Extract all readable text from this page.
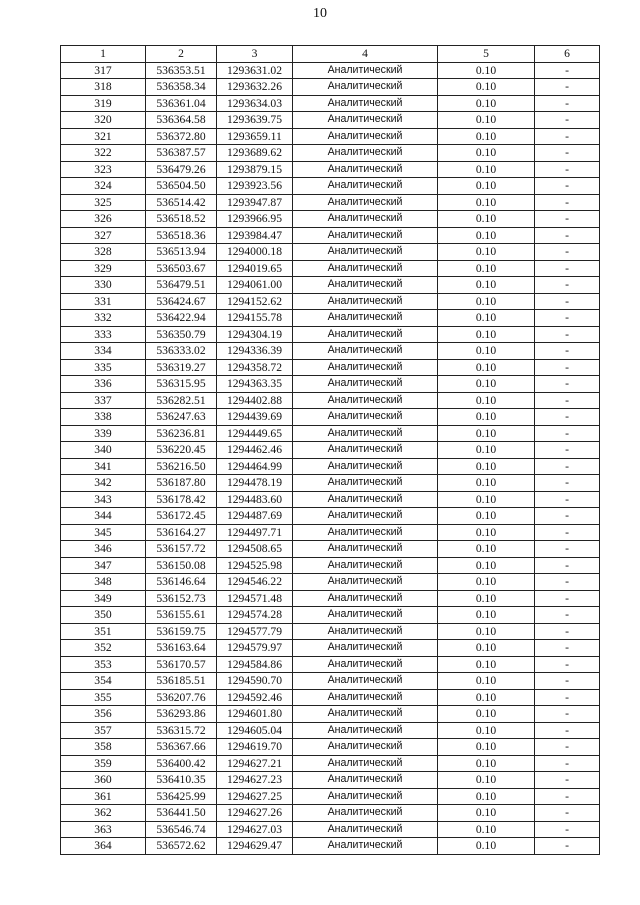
10
1	2	3	4	5	6
317	536353.51	1293631.02	Аналитический	0.10	-
318	536358.34	1293632.26	Аналитический	0.10	-
319	536361.04	1293634.03	Аналитический	0.10	-
320	536364.58	1293639.75	Аналитический	0.10	-
321	536372.80	1293659.11	Аналитический	0.10	-
322	536387.57	1293689.62	Аналитический	0.10	-
323	536479.26	1293879.15	Аналитический	0.10	-
324	536504.50	1293923.56	Аналитический	0.10	-
325	536514.42	1293947.87	Аналитический	0.10	-
326	536518.52	1293966.95	Аналитический	0.10	-
327	536518.36	1293984.47	Аналитический	0.10	-
328	536513.94	1294000.18	Аналитический	0.10	-
329	536503.67	1294019.65	Аналитический	0.10	-
330	536479.51	1294061.00	Аналитический	0.10	-
331	536424.67	1294152.62	Аналитический	0.10	-
332	536422.94	1294155.78	Аналитический	0.10	-
333	536350.79	1294304.19	Аналитический	0.10	-
334	536333.02	1294336.39	Аналитический	0.10	-
335	536319.27	1294358.72	Аналитический	0.10	-
336	536315.95	1294363.35	Аналитический	0.10	-
337	536282.51	1294402.88	Аналитический	0.10	-
338	536247.63	1294439.69	Аналитический	0.10	-
339	536236.81	1294449.65	Аналитический	0.10	-
340	536220.45	1294462.46	Аналитический	0.10	-
341	536216.50	1294464.99	Аналитический	0.10	-
342	536187.80	1294478.19	Аналитический	0.10	-
343	536178.42	1294483.60	Аналитический	0.10	-
344	536172.45	1294487.69	Аналитический	0.10	-
345	536164.27	1294497.71	Аналитический	0.10	-
346	536157.72	1294508.65	Аналитический	0.10	-
347	536150.08	1294525.98	Аналитический	0.10	-
348	536146.64	1294546.22	Аналитический	0.10	-
349	536152.73	1294571.48	Аналитический	0.10	-
350	536155.61	1294574.28	Аналитический	0.10	-
351	536159.75	1294577.79	Аналитический	0.10	-
352	536163.64	1294579.97	Аналитический	0.10	-
353	536170.57	1294584.86	Аналитический	0.10	-
354	536185.51	1294590.70	Аналитический	0.10	-
355	536207.76	1294592.46	Аналитический	0.10	-
356	536293.86	1294601.80	Аналитический	0.10	-
357	536315.72	1294605.04	Аналитический	0.10	-
358	536367.66	1294619.70	Аналитический	0.10	-
359	536400.42	1294627.21	Аналитический	0.10	-
360	536410.35	1294627.23	Аналитический	0.10	-
361	536425.99	1294627.25	Аналитический	0.10	-
362	536441.50	1294627.26	Аналитический	0.10	-
363	536546.74	1294627.03	Аналитический	0.10	-
364	536572.62	1294629.47	Аналитический	0.10	-
